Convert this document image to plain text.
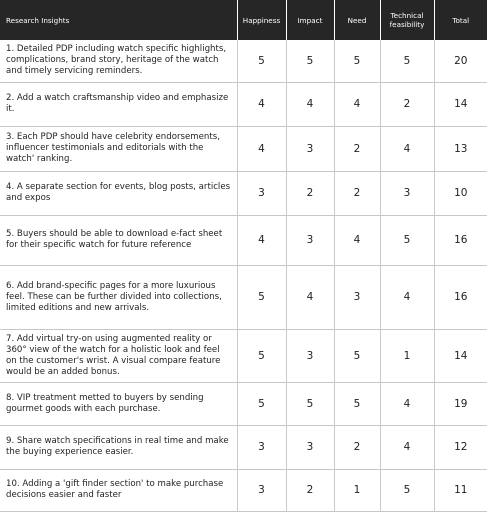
Research Insights	Happiness	Impact	Need	Technical feasibility	Total
1. Detailed PDP including watch specific highlights, complications, brand story, heritage of the watch and timely servicing reminders.	5	5	5	5	20
2. Add a watch craftsmanship video and emphasize it.	4	4	4	2	14
3. Each PDP should have celebrity endorsements, influencer testimonials and editorials with the watch' ranking.	4	3	2	4	13
4. A separate section for events, blog posts, articles and expos	3	2	2	3	10
5. Buyers should be able to download e-fact sheet for their specific watch for future reference	4	3	4	5	16
6. Add brand-specific pages for a more luxurious feel. These can be further divided into collections, limited editions and new arrivals.	5	4	3	4	16
7. Add virtual try-on using augmented reality or 360° view of the watch for a holistic look and feel on the customer's wrist. A visual compare feature would be an added bonus.	5	3	5	1	14
8. VIP treatment metted to buyers by sending gourmet goods with each purchase.	5	5	5	4	19
9. Share watch specifications in real time and make the buying experience easier.	3	3	2	4	12
10. Adding a 'gift finder section' to make purchase decisions easier and faster	3	2	1	5	11
